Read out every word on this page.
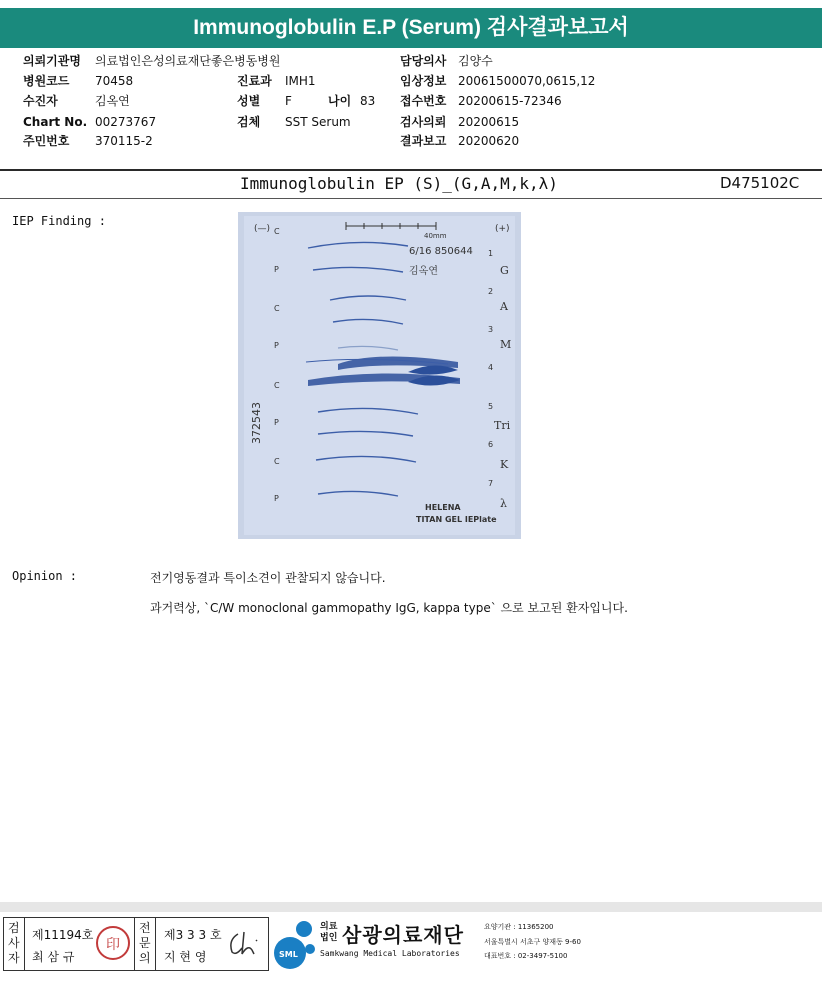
Immunoglobulin E.P (Serum) 검사결과보고서
의뢰기관명 의료법인은성의료재단좋은병동병원	담당의사 김양수
병원코드 70458	진료과 IMH1	임상정보 20061500070,0615,12
수진자	김옥연	성별 F	나이 83 접수번호 20200615-72346
Chart No. 00273767	검체 SST Serum	검사의뢰 20200615
주민번호 370115-2	결과보고 20200620
Immunoglobulin EP (S)_(G,A,M,k,λ)	D475102C
IEP Finding :
(—)	(+)
40mm
6/16 850644
김옥연
HELENA
TITAN GEL IEPlate
372543
C
P
C
P
C
P
C
P
1
2
3
4
5
6
7
G
A
M
Tri
K
λ
Opinion :	전기영동결과 특이소견이 관찰되지 않습니다.
과거력상, `C/W monoclonal gammopathy IgG, kappa type` 으로 보고된 환자입니다.
검사자
제11194호
최 삼 규
印
전문의
제3 3 3 호
지 현 영	SML
의료법인 삼광의료재단
Samkwang Medical Laboratories
요양기관 : 11365200
서울특별시 서초구 양재동 9-60
대표번호 : 02-3497-5100
